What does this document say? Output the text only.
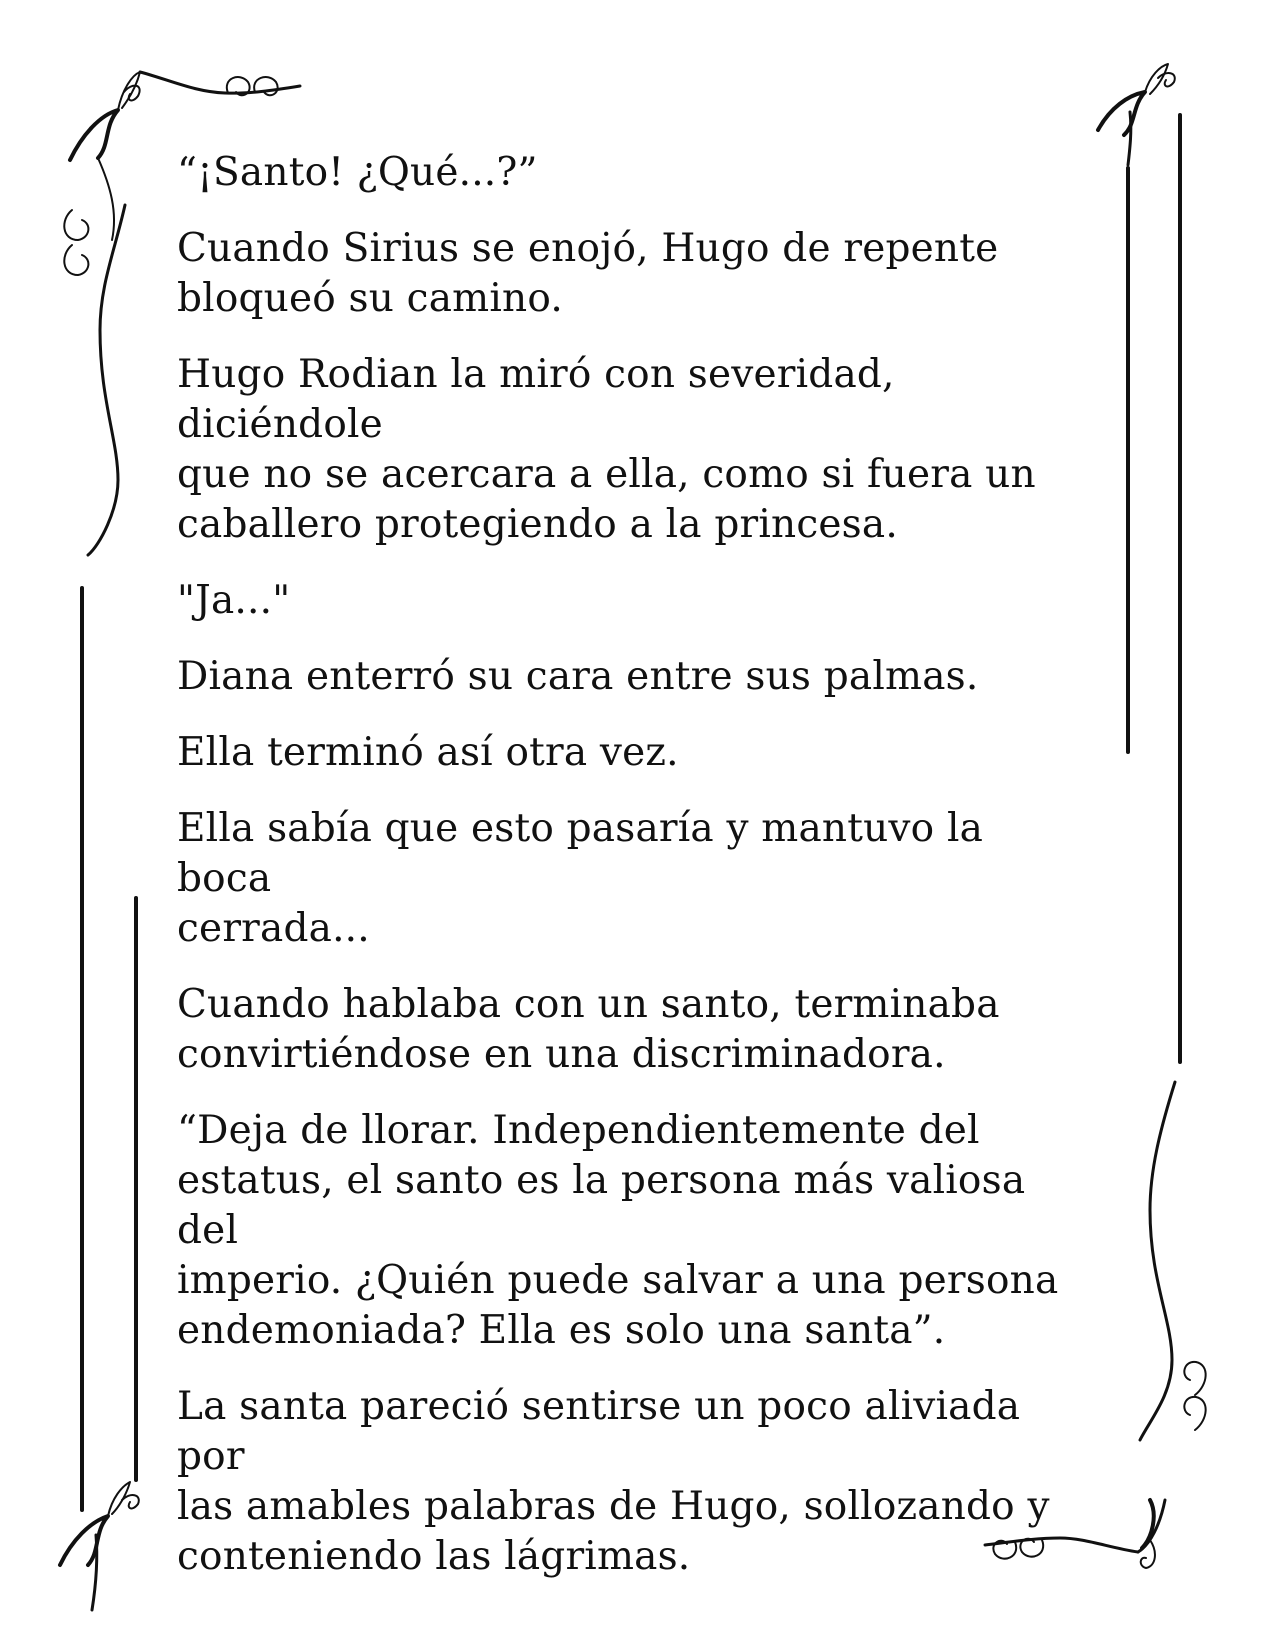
“¡Santo! ¿Qué...?”

Cuando Sirius se enojó, Hugo de repente
bloqueó su camino.

Hugo Rodian la miró con severidad, diciéndole
que no se acercara a ella, como si fuera un
caballero protegiendo a la princesa.

"Ja..."

Diana enterró su cara entre sus palmas.

Ella terminó así otra vez.

Ella sabía que esto pasaría y mantuvo la boca
cerrada...

Cuando hablaba con un santo, terminaba
convirtiéndose en una discriminadora.

“Deja de llorar. Independientemente del
estatus, el santo es la persona más valiosa del
imperio. ¿Quién puede salvar a una persona
endemoniada? Ella es solo una santa”.

La santa pareció sentirse un poco aliviada por
las amables palabras de Hugo, sollozando y
conteniendo las lágrimas.
